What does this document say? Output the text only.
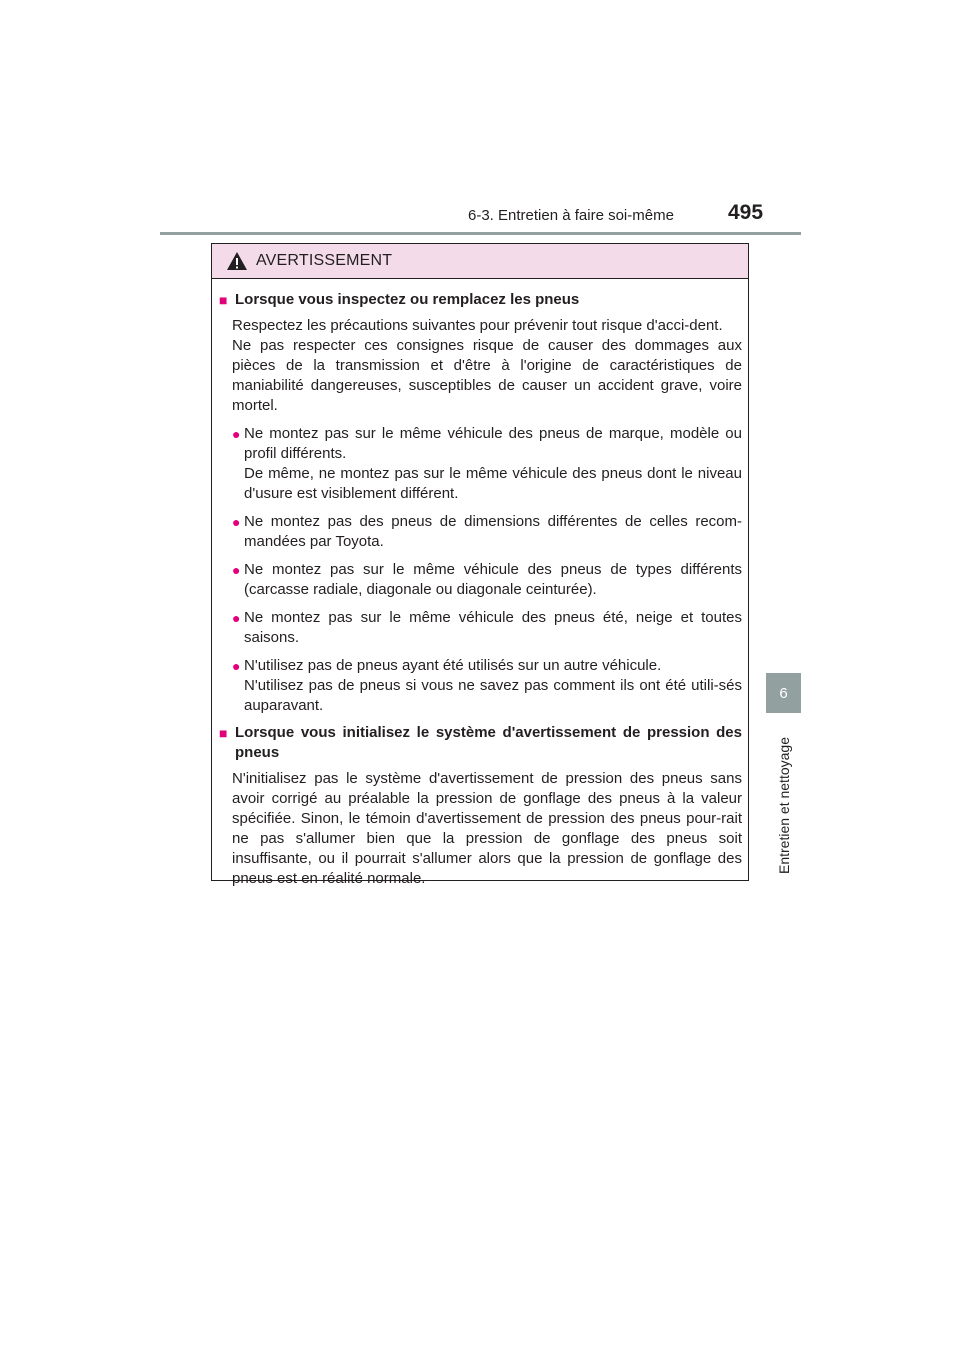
6-3. Entretien à faire soi-même	495
6
Entretien et nettoyage
AVERTISSEMENT
■ Lorsque vous inspectez ou remplacez les pneus
Respectez les précautions suivantes pour prévenir tout risque d'acci-dent.
Ne pas respecter ces consignes risque de causer des dommages aux pièces de la transmission et d'être à l'origine de caractéristiques de maniabilité dangereuses, susceptibles de causer un accident grave, voire mortel.
● Ne montez pas sur le même véhicule des pneus de marque, modèle ou profil différents.
De même, ne montez pas sur le même véhicule des pneus dont le niveau d'usure est visiblement différent.
● Ne montez pas des pneus de dimensions différentes de celles recom-mandées par Toyota.
● Ne montez pas sur le même véhicule des pneus de types différents (carcasse radiale, diagonale ou diagonale ceinturée).
● Ne montez pas sur le même véhicule des pneus été, neige et toutes saisons.
● N'utilisez pas de pneus ayant été utilisés sur un autre véhicule.
N'utilisez pas de pneus si vous ne savez pas comment ils ont été utili-sés auparavant.
■ Lorsque vous initialisez le système d'avertissement de pression des pneus
N'initialisez pas le système d'avertissement de pression des pneus sans avoir corrigé au préalable la pression de gonflage des pneus à la valeur spécifiée. Sinon, le témoin d'avertissement de pression des pneus pour-rait ne pas s'allumer bien que la pression de gonflage des pneus soit insuffisante, ou il pourrait s'allumer alors que la pression de gonflage des pneus est en réalité normale.
